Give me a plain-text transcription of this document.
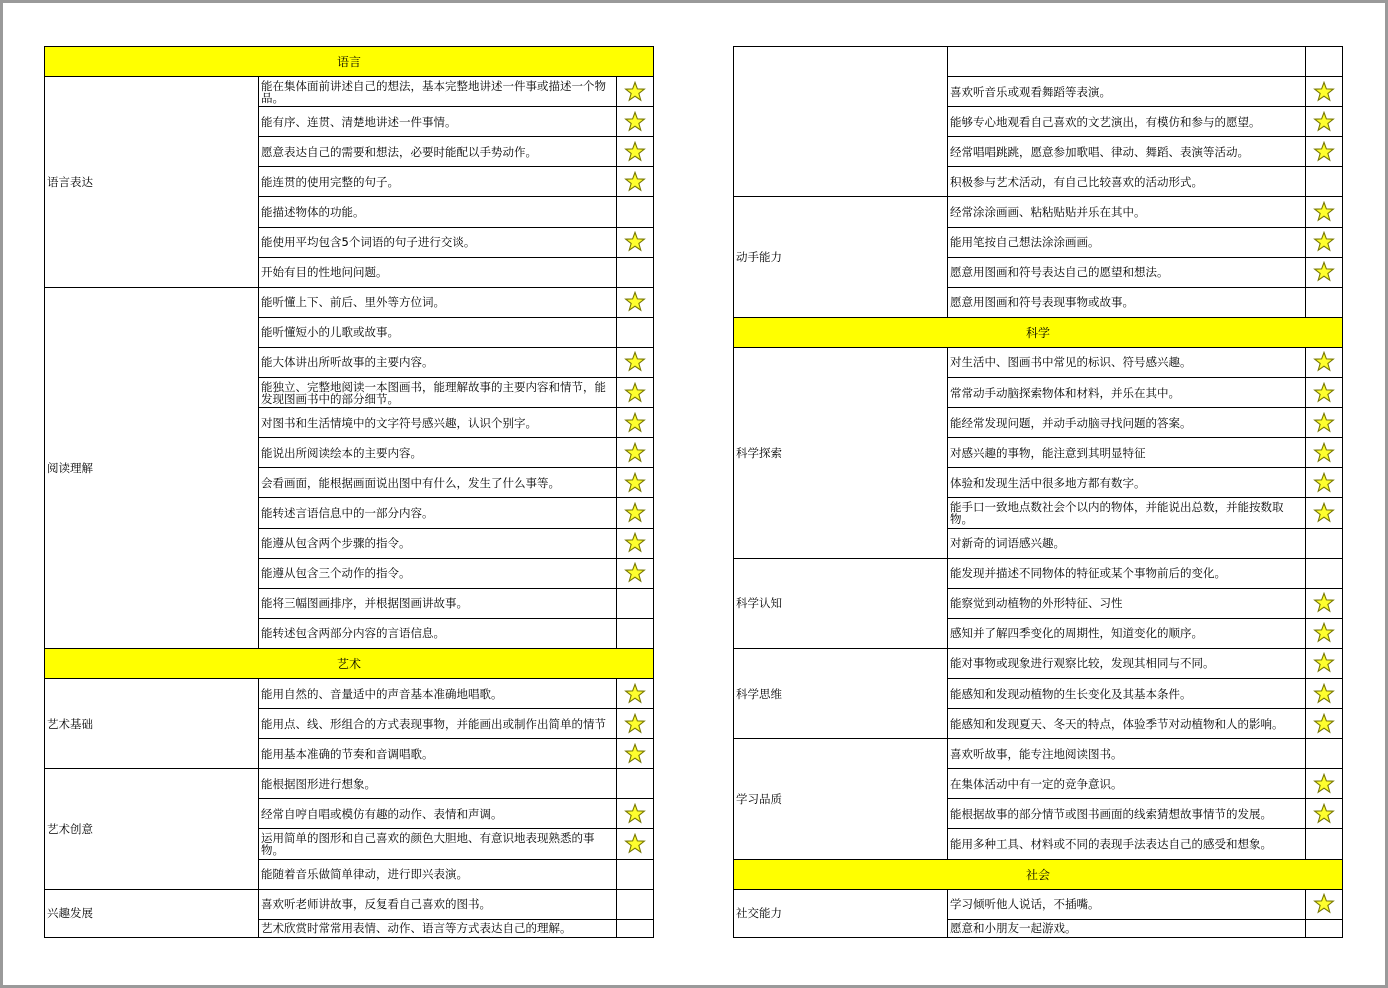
语言		
语言表达	能在集体面前讲述自己的想法，基本完整地讲述一件事或描述一个物品。	
	能有序、连贯、清楚地讲述一件事情。	
	愿意表达自己的需要和想法，必要时能配以手势动作。	
	能连贯的使用完整的句子。	
	能描述物体的功能。	
	能使用平均包含5个词语的句子进行交谈。	
	开始有目的性地问问题。	
阅读理解	能听懂上下、前后、里外等方位词。	
	能听懂短小的儿歌或故事。	
	能大体讲出所听故事的主要内容。	
	能独立、完整地阅读一本图画书，能理解故事的主要内容和情节，能发现图画书中的部分细节。	
	对图书和生活情境中的文字符号感兴趣，认识个别字。	
	能说出所阅读绘本的主要内容。	
	会看画面，能根据画面说出图中有什么，发生了什么事等。	
	能转述言语信息中的一部分内容。	
	能遵从包含两个步骤的指令。	
	能遵从包含三个动作的指令。	
	能将三幅图画排序，并根据图画讲故事。	
	能转述包含两部分内容的言语信息。	
艺术		
艺术基础	能用自然的、音量适中的声音基本准确地唱歌。	
	能用点、线、形组合的方式表现事物，并能画出或制作出简单的情节	
	能用基本准确的节奏和音调唱歌。	
艺术创意	能根据图形进行想象。	
	经常自哼自唱或模仿有趣的动作、表情和声调。	
	运用简单的图形和自己喜欢的颜色大胆地、有意识地表现熟悉的事物。	
	能随着音乐做简单律动，进行即兴表演。	
兴趣发展	喜欢听老师讲故事，反复看自己喜欢的图书。	
	艺术欣赏时常常用表情、动作、语言等方式表达自己的理解。	

	喜欢听音乐或观看舞蹈等表演。	
	能够专心地观看自己喜欢的文艺演出，有模仿和参与的愿望。	
	经常唱唱跳跳，愿意参加歌唱、律动、舞蹈、表演等活动。	
	积极参与艺术活动，有自己比较喜欢的活动形式。	
动手能力	经常涂涂画画、粘粘贴贴并乐在其中。	
	能用笔按自己想法涂涂画画。	
	愿意用图画和符号表达自己的愿望和想法。	
	愿意用图画和符号表现事物或故事。	
科学		
科学探索	对生活中、图画书中常见的标识、符号感兴趣。	
	常常动手动脑探索物体和材料，并乐在其中。	
	能经常发现问题，并动手动脑寻找问题的答案。	
	对感兴趣的事物，能注意到其明显特征	
	体验和发现生活中很多地方都有数字。	
	能手口一致地点数社会个以内的物体，并能说出总数，并能按数取物。	
	对新奇的词语感兴趣。	
科学认知	能发现并描述不同物体的特征或某个事物前后的变化。	
	能察觉到动植物的外形特征、习性	
	感知并了解四季变化的周期性，知道变化的顺序。	
科学思维	能对事物或现象进行观察比较，发现其相同与不同。	
	能感知和发现动植物的生长变化及其基本条件。	
	能感知和发现夏天、冬天的特点，体验季节对动植物和人的影响。	
学习品质	喜欢听故事，能专注地阅读图书。	
	在集体活动中有一定的竞争意识。	
	能根据故事的部分情节或图书画面的线索猜想故事情节的发展。	
	能用多种工具、材料或不同的表现手法表达自己的感受和想象。	
社会		
社交能力	学习倾听他人说话，不插嘴。	
	愿意和小朋友一起游戏。	
